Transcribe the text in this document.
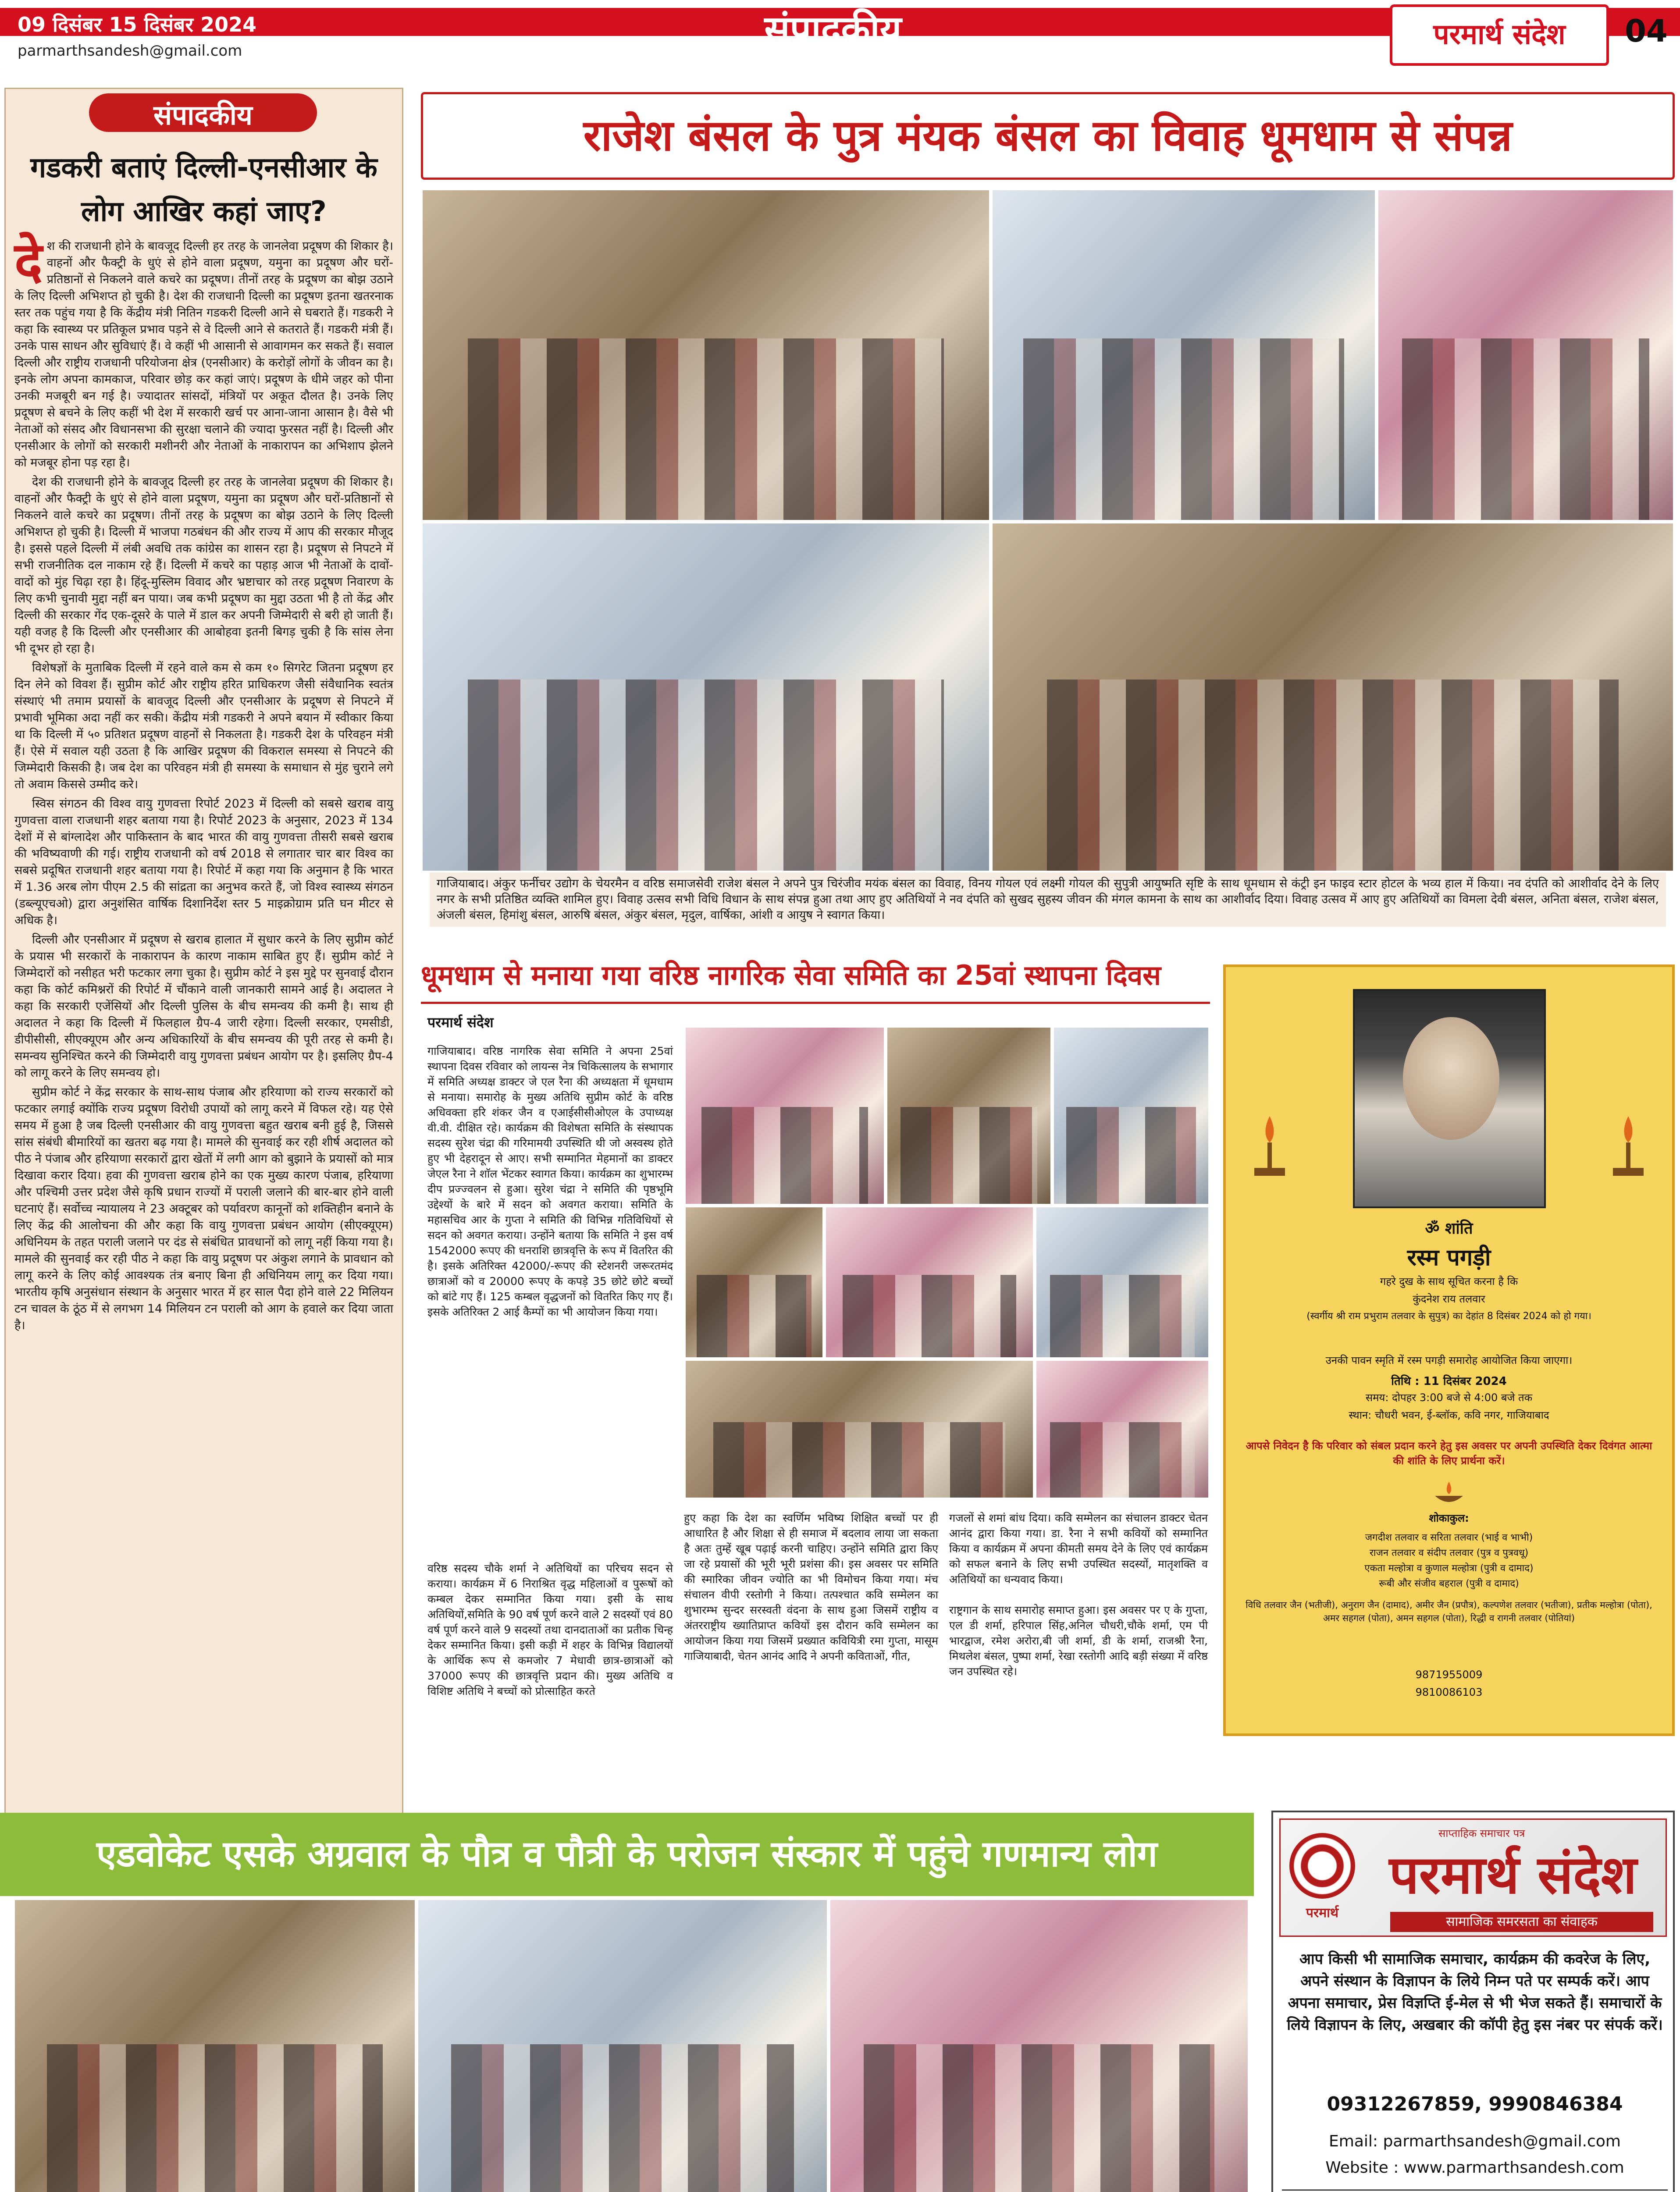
09 दिसंबर 15 दिसंबर 2024
parmarthsandesh@gmail.com	संपादकीय	परमार्थ संदेश	04
संपादकीय
गडकरी बताएं दिल्ली-एनसीआर के लोग आखिर कहां जाए?
दे श की राजधानी होने के बावजूद दिल्ली हर तरह के जानलेवा प्रदूषण की शिकार है। वाहनों और फैक्ट्री के धुएं से होने वाला प्रदूषण, यमुना का प्रदूषण और घरों-प्रतिष्ठानों से निकलने वाले कचरे का प्रदूषण। तीनों तरह के प्रदूषण का बोझ उठाने के लिए दिल्ली अभिशप्त हो चुकी है। देश की राजधानी दिल्ली का प्रदूषण इतना खतरनाक स्तर तक पहुंच गया है कि केंद्रीय मंत्री नितिन गडकरी दिल्ली आने से घबराते हैं। गडकरी ने कहा कि स्वास्थ्य पर प्रतिकूल प्रभाव पड़ने से वे दिल्ली आने से कतराते हैं। गडकरी मंत्री हैं। उनके पास साधन और सुविधाएं हैं। वे कहीं भी आसानी से आवागमन कर सकते हैं। सवाल दिल्ली और राष्ट्रीय राजधानी परियोजना क्षेत्र (एनसीआर) के करोड़ों लोगों के जीवन का है। इनके लोग अपना कामकाज, परिवार छोड़ कर कहां जाएं। प्रदूषण के धीमे जहर को पीना उनकी मजबूरी बन गई है। ज्यादातर सांसदों, मंत्रियों पर अकूत दौलत है। उनके लिए प्रदूषण से बचने के लिए कहीं भी देश में सरकारी खर्च पर आना-जाना आसान है। वैसे भी नेताओं को संसद और विधानसभा की सुरक्षा चलाने की ज्यादा फुरसत नहीं है। दिल्ली और एनसीआर के लोगों को सरकारी मशीनरी और नेताओं के नाकारापन का अभिशाप झेलने को मजबूर होना पड़ रहा है।

देश की राजधानी होने के बावजूद दिल्ली हर तरह के जानलेवा प्रदूषण की शिकार है। वाहनों और फैक्ट्री के धुएं से होने वाला प्रदूषण, यमुना का प्रदूषण और घरों-प्रतिष्ठानों से निकलने वाले कचरे का प्रदूषण। तीनों तरह के प्रदूषण का बोझ उठाने के लिए दिल्ली अभिशप्त हो चुकी है। दिल्ली में भाजपा गठबंधन की और राज्य में आप की सरकार मौजूद है। इससे पहले दिल्ली में लंबी अवधि तक कांग्रेस का शासन रहा है। प्रदूषण से निपटने में सभी राजनीतिक दल नाकाम रहे हैं। दिल्ली में कचरे का पहाड़ आज भी नेताओं के दावों-वादों को मुंह चिढ़ा रहा है। हिंदू-मुस्लिम विवाद और भ्रष्टाचार को तरह प्रदूषण निवारण के लिए कभी चुनावी मुद्दा नहीं बन पाया। जब कभी प्रदूषण का मुद्दा उठता भी है तो केंद्र और दिल्ली की सरकार गेंद एक-दूसरे के पाले में डाल कर अपनी जिम्मेदारी से बरी हो जाती हैं। यही वजह है कि दिल्ली और एनसीआर की आबोहवा इतनी बिगड़ चुकी है कि सांस लेना भी दूभर हो रहा है।

विशेषज्ञों के मुताबिक दिल्ली में रहने वाले कम से कम १० सिगरेट जितना प्रदूषण हर दिन लेने को विवश हैं। सुप्रीम कोर्ट और राष्ट्रीय हरित प्राधिकरण जैसी संवैधानिक स्वतंत्र संस्थाएं भी तमाम प्रयासों के बावजूद दिल्ली और एनसीआर के प्रदूषण से निपटने में प्रभावी भूमिका अदा नहीं कर सकी। केंद्रीय मंत्री गडकरी ने अपने बयान में स्वीकार किया था कि दिल्ली में ५० प्रतिशत प्रदूषण वाहनों से निकलता है। गडकरी देश के परिवहन मंत्री हैं। ऐसे में सवाल यही उठता है कि आखिर प्रदूषण की विकराल समस्या से निपटने की जिम्मेदारी किसकी है। जब देश का परिवहन मंत्री ही समस्या के समाधान से मुंह चुराने लगे तो अवाम किससे उम्मीद करे।

स्विस संगठन की विश्व वायु गुणवत्ता रिपोर्ट 2023 में दिल्ली को सबसे खराब वायु गुणवत्ता वाला राजधानी शहर बताया गया है। रिपोर्ट 2023 के अनुसार, 2023 में 134 देशों में से बांग्लादेश और पाकिस्तान के बाद भारत की वायु गुणवत्ता तीसरी सबसे खराब की भविष्यवाणी की गई। राष्ट्रीय राजधानी को वर्ष 2018 से लगातार चार बार विश्व का सबसे प्रदूषित राजधानी शहर बताया गया है। रिपोर्ट में कहा गया कि अनुमान है कि भारत में 1.36 अरब लोग पीएम 2.5 की सांद्रता का अनुभव करते हैं, जो विश्व स्वास्थ्य संगठन (डब्ल्यूएचओ) द्वारा अनुशंसित वार्षिक दिशानिर्देश स्तर 5 माइक्रोग्राम प्रति घन मीटर से अधिक है।

दिल्ली और एनसीआर में प्रदूषण से खराब हालात में सुधार करने के लिए सुप्रीम कोर्ट के प्रयास भी सरकारों के नाकारापन के कारण नाकाम साबित हुए हैं। सुप्रीम कोर्ट ने जिम्मेदारों को नसीहत भरी फटकार लगा चुका है। सुप्रीम कोर्ट ने इस मुद्दे पर सुनवाई दौरान कहा कि कोर्ट कमिश्नरों की रिपोर्ट में चौंकाने वाली जानकारी सामने आई है। अदालत ने कहा कि सरकारी एजेंसियों और दिल्ली पुलिस के बीच समन्वय की कमी है। साथ ही अदालत ने कहा कि दिल्ली में फिलहाल ग्रैप-4 जारी रहेगा। दिल्ली सरकार, एमसीडी, डीपीसीसी, सीएक्यूएम और अन्य अधिकारियों के बीच समन्वय की पूरी तरह से कमी है। समन्वय सुनिश्चित करने की जिम्मेदारी वायु गुणवत्ता प्रबंधन आयोग पर है। इसलिए ग्रैप-4 को लागू करने के लिए समन्वय हो।

सुप्रीम कोर्ट ने केंद्र सरकार के साथ-साथ पंजाब और हरियाणा को राज्य सरकारों को फटकार लगाई क्योंकि राज्य प्रदूषण विरोधी उपायों को लागू करने में विफल रहे। यह ऐसे समय में हुआ है जब दिल्ली एनसीआर की वायु गुणवत्ता बहुत खराब बनी हुई है, जिससे सांस संबंधी बीमारियों का खतरा बढ़ गया है। मामले की सुनवाई कर रही शीर्ष अदालत को पीठ ने पंजाब और हरियाणा सरकारों द्वारा खेतों में लगी आग को बुझाने के प्रयासों को मात्र दिखावा करार दिया। हवा की गुणवत्ता खराब होने का एक मुख्य कारण पंजाब, हरियाणा और पश्चिमी उत्तर प्रदेश जैसे कृषि प्रधान राज्यों में पराली जलाने की बार-बार होने वाली घटनाएं हैं। सर्वोच्च न्यायालय ने 23 अक्टूबर को पर्यावरण कानूनों को शक्तिहीन बनाने के लिए केंद्र की आलोचना की और कहा कि वायु गुणवत्ता प्रबंधन आयोग (सीएक्यूएम) अधिनियम के तहत पराली जलाने पर दंड से संबंधित प्रावधानों को लागू नहीं किया गया है। मामले की सुनवाई कर रही पीठ ने कहा कि वायु प्रदूषण पर अंकुश लगाने के प्रावधान को लागू करने के लिए कोई आवश्यक तंत्र बनाए बिना ही अधिनियम लागू कर दिया गया। भारतीय कृषि अनुसंधान संस्थान के अनुसार भारत में हर साल पैदा होने वाले 22 मिलियन टन चावल के ठूंठ में से लगभग 14 मिलियन टन पराली को आग के हवाले कर दिया जाता है।

राजेश बंसल के पुत्र मंयक बंसल का विवाह धूमधाम से संपन्न
गाजियाबाद। अंकुर फर्नीचर उद्योग के चेयरमैन व वरिष्ठ समाजसेवी राजेश बंसल ने अपने पुत्र चिरंजीव मयंक बंसल का विवाह, विनय गोयल एवं लक्ष्मी गोयल की सुपुत्री आयुष्मति सृष्टि के साथ धूमधाम से कंट्री इन फाइव स्टार होटल के भव्य हाल में किया। नव दंपति को आशीर्वाद देने के लिए नगर के सभी प्रतिष्ठित व्यक्ति शामिल हुए। विवाह उत्सव सभी विधि विधान के साथ संपन्न हुआ तथा आए हुए अतिथियों ने नव दंपति को सुखद सुहस्य जीवन की मंगल कामना के साथ का आशीर्वाद दिया। विवाह उत्सव में आए हुए अतिथियों का विमला देवी बंसल, अनिता बंसल, राजेश बंसल, अंजली बंसल, हिमांशु बंसल, आरुषि बंसल, अंकुर बंसल, मृदुल, वार्षिका, आंशी व आयुष ने स्वागत किया।
धूमधाम से मनाया गया वरिष्ठ नागरिक सेवा समिति का 25वां स्थापना दिवस
परमार्थ संदेश
गाजियाबाद। वरिष्ठ नागरिक सेवा समिति ने अपना 25वां स्थापना दिवस रविवार को लायन्स नेत्र चिकित्सालय के सभागार में समिति अध्यक्ष डाक्टर जे एल रैना की अध्यक्षता में धूमधाम से मनाया। समारोह के मुख्य अतिथि सुप्रीम कोर्ट के वरिष्ठ अधिवक्ता हरि शंकर जैन व एआईसीसीओएल के उपाध्यक्ष वी.वी. दीक्षित रहे। कार्यक्रम की विशेषता समिति के संस्थापक सदस्य सुरेश चंद्रा की गरिमामयी उपस्थिति थी जो अस्वस्थ होते हुए भी देहरादून से आए। सभी सम्मानित मेहमानों का डाक्टर जेएल रैना ने शाॅल भेंटकर स्वागत किया। कार्यक्रम का शुभारम्भ दीप प्रज्ज्वलन से हुआ। सुरेश चंद्रा ने समिति की पृष्ठभूमि उद्देश्यों के बारे में सदन को अवगत कराया। समिति के महासचिव आर के गुप्ता ने समिति की विभिन्न गतिविधियों से सदन को अवगत कराया। उन्होंने बताया कि समिति ने इस वर्ष 1542000 रूपए की धनराशि छात्रवृत्ति के रूप में वितरित की है। इसके अतिरिक्त 42000/-रूपए की स्टेशनरी जरूरतमंद छात्राओं को व 20000 रूपए के कपड़े 35 छोटे छोटे बच्चों को बांटे गए हैं। 125 कम्बल वृद्धजनों को वितरित किए गए हैं। इसके अतिरिक्त 2 आई कैम्पों का भी आयोजन किया गया।
वरिष्ठ सदस्य चौके शर्मा ने अतिथियों का परिचय सदन से कराया। कार्यक्रम में 6 निराश्रित वृद्ध महिलाओं व पुरूषों को कम्बल देकर सम्मानित किया गया। इसी के साथ अतिथियों,समिति के 90 वर्ष पूर्ण करने वाले 2 सदस्यों एवं 80 वर्ष पूर्ण करने वाले 9 सदस्यों तथा दानदाताओं का प्रतीक चिन्ह देकर सम्मानित किया। इसी कड़ी में शहर के विभिन्न विद्यालयों के आर्थिक रूप से कमजोर 7 मेधावी छात्र-छात्राओं को 37000 रूपए की छात्रवृत्ति प्रदान की। मुख्य अतिथि व विशिष्ट अतिथि ने बच्चों को प्रोत्साहित करते
हुए कहा कि देश का स्वर्णिम भविष्य शिक्षित बच्चों पर ही आधारित है और शिक्षा से ही समाज में बदलाव लाया जा सकता है अतः तुम्हें खूब पढ़ाई करनी चाहिए। उन्होंने समिति द्वारा किए जा रहे प्रयासों की भूरी भूरी प्रशंसा की। इस अवसर पर समिति की स्मारिका जीवन ज्योति का भी विमोचन किया गया। मंच संचालन वीपी रस्तोगी ने किया। तत्पश्चात कवि सम्मेलन का शुभारम्भ सुन्दर सरस्वती वंदना के साथ हुआ जिसमें राष्ट्रीय व अंतरराष्ट्रीय ख्यातिप्राप्त कवियों इस दौरान कवि सम्मेलन का आयोजन किया गया जिसमें प्रख्यात कवियित्री रमा गुप्ता, मासूम गाजियाबादी, चेतन आनंद आदि ने अपनी कविताओं, गीत,
गजलों से शमां बांध दिया। कवि सम्मेलन का संचालन डाक्टर चेतन आनंद द्वारा किया गया। डा. रैना ने सभी कवियों को सम्मानित किया व कार्यक्रम में अपना कीमती समय देने के लिए एवं कार्यक्रम को सफल बनाने के लिए सभी उपस्थित सदस्यों, मातृशक्ति व अतिथियों का धन्यवाद किया।

राष्ट्रगान के साथ समारोह समाप्त हुआ। इस अवसर पर ए के गुप्ता, एल डी शर्मा, हरिपाल सिंह,अनिल चौधरी,चौके शर्मा, एम पी भारद्वाज, रमेश अरोरा,बी जी शर्मा, डी के शर्मा, राजश्री रैना, मिथलेश बंसल, पुष्पा शर्मा, रेखा रस्तोगी आदि बड़ी संख्या में वरिष्ठ जन उपस्थित रहे।
ॐ शांति
रस्म पगड़ी
गहरे दुख के साथ सूचित करना है कि
कुंदनेश राय तलवार
(स्वर्गीय श्री राम प्रभुराम तलवार के सुपुत्र) का देहांत 8 दिसंबर 2024 को हो गया।
उनकी पावन स्मृति में रस्म पगड़ी समारोह आयोजित किया जाएगा।
तिथि : 11 दिसंबर 2024
समय: दोपहर 3:00 बजे से 4:00 बजे तक
स्थान: चौधरी भवन, ई-ब्लॉक, कवि नगर, गाजियाबाद
आपसे निवेदन है कि परिवार को संबल प्रदान करने हेतु इस अवसर पर अपनी उपस्थिति देकर दिवंगत आत्मा की शांति के लिए प्रार्थना करें।
शोकाकुल:
जगदीश तलवार व सरिता तलवार (भाई व भाभी)
राजन तलवार व संदीप तलवार (पुत्र व पुत्रवधू)
एकता मल्होत्रा व कुणाल मल्होत्रा (पुत्री व दामाद)
रूबी और संजीव बहराल (पुत्री व दामाद)
विधि तलवार जैन (भतीजी), अनुराग जैन (दामाद), अमीर जैन (प्रपौत्र), कल्पणेश तलवार (भतीजा), प्रतीक मल्होत्रा (पोता), अमर सहगल (पोता), अमन सहगल (पोता), रिद्धी व रागनी तलवार (पोतियां)
9871955009
9810086103
एडवोकेट एसके अग्रवाल के पौत्र व पौत्री के परोजन संस्कार में पहुंचे गणमान्य लोग
परमार्थ
साप्ताहिक समाचार पत्र
परमार्थ संदेश
सामाजिक समरसता का संवाहक
आप किसी भी सामाजिक समाचार, कार्यक्रम की कवरेज के लिए, अपने संस्थान के विज्ञापन के लिये निम्न पते पर सम्पर्क करें। आप अपना समाचार, प्रेस विज्ञप्ति ई-मेल से भी भेज सकते हैं। समाचारों के लिये विज्ञापन के लिए, अखबार की कॉपी हेतु इस नंबर पर संपर्क करें।
09312267859, 9990846384
Email: parmarthsandesh@gmail.com
Website : www.parmarthsandesh.com
